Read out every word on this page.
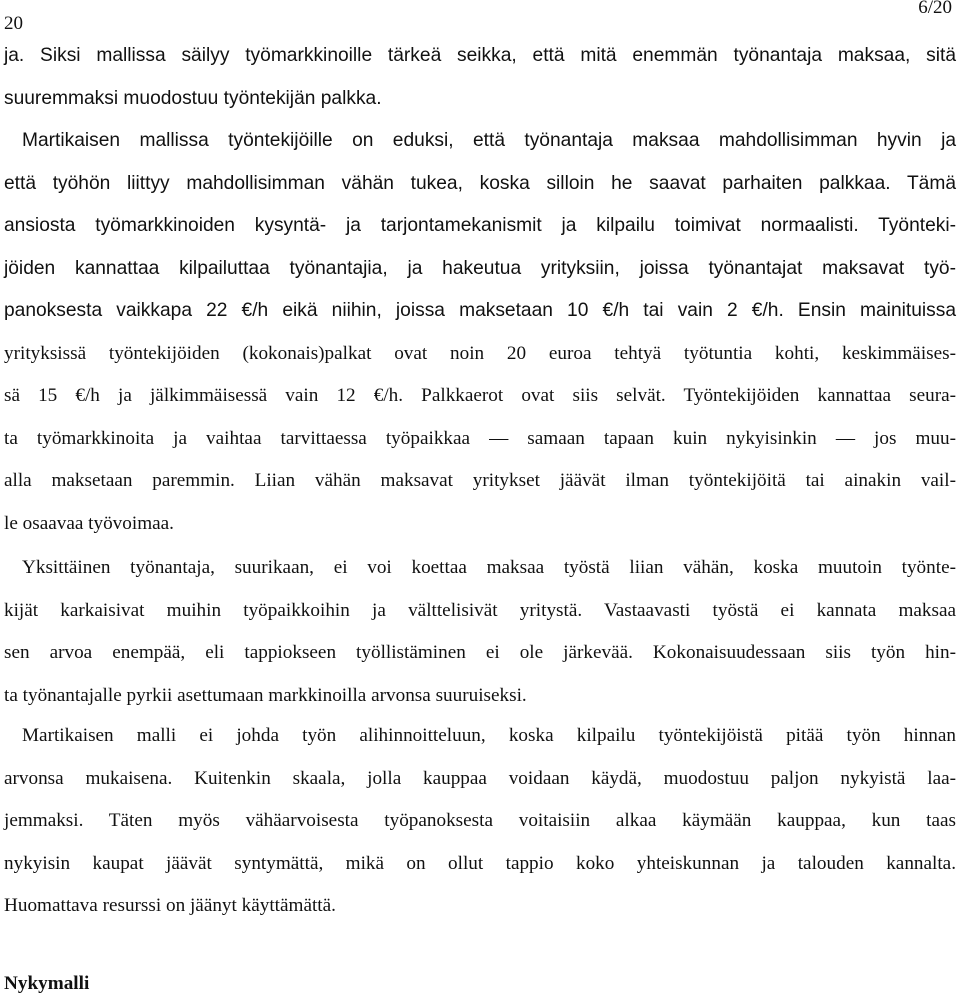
20
6/20
ja. Siksi mallissa säilyy työmarkkinoille tärkeä seikka, että mitä enemmän työnantaja maksaa, sitä
suuremmaksi muodostuu työntekijän palkka.
Martikaisen mallissa työntekijöille on eduksi, että työnantaja maksaa mahdollisimman hyvin ja
että työhön liittyy mahdollisimman vähän tukea, koska silloin he saavat parhaiten palkkaa. Tämä
ansiosta työmarkkinoiden kysyntä- ja tarjontamekanismit ja kilpailu toimivat normaalisti. Työnteki-
jöiden kannattaa kilpailuttaa työnantajia, ja hakeutua yrityksiin, joissa työnantajat maksavat työ-
panoksesta vaikkapa 22 €/h eikä niihin, joissa maksetaan 10 €/h tai vain 2 €/h. Ensin mainituissa
yrityksissä työntekijöiden (kokonais)palkat ovat noin 20 euroa tehtyä työtuntia kohti, keskimmäises-
sä 15 €/h ja jälkimmäisessä vain 12 €/h. Palkkaerot ovat siis selvät. Työntekijöiden kannattaa seura-
ta työmarkkinoita ja vaihtaa tarvittaessa työpaikkaa — samaan tapaan kuin nykyisinkin — jos muu-
alla maksetaan paremmin. Liian vähän maksavat yritykset jäävät ilman työntekijöitä tai ainakin vail-
le osaavaa työvoimaa.
Yksittäinen työnantaja, suurikaan, ei voi koettaa maksaa työstä liian vähän, koska muutoin työnte-
kijät karkaisivat muihin työpaikkoihin ja välttelisivät yritystä. Vastaavasti työstä ei kannata maksaa
sen arvoa enempää, eli tappiokseen työllistäminen ei ole järkevää. Kokonaisuudessaan siis työn hin-
ta työnantajalle pyrkii asettumaan markkinoilla arvonsa suuruiseksi.
Martikaisen malli ei johda työn alihinnoitteluun, koska kilpailu työntekijöistä pitää työn hinnan
arvonsa mukaisena. Kuitenkin skaala, jolla kauppaa voidaan käydä, muodostuu paljon nykyistä laa-
jemmaksi. Täten myös vähäarvoisesta työpanoksesta voitaisiin alkaa käymään kauppaa, kun taas
nykyisin kaupat jäävät syntymättä, mikä on ollut tappio koko yhteiskunnan ja talouden kannalta.
Huomattava resurssi on jäänyt käyttämättä.
Nykymalli
